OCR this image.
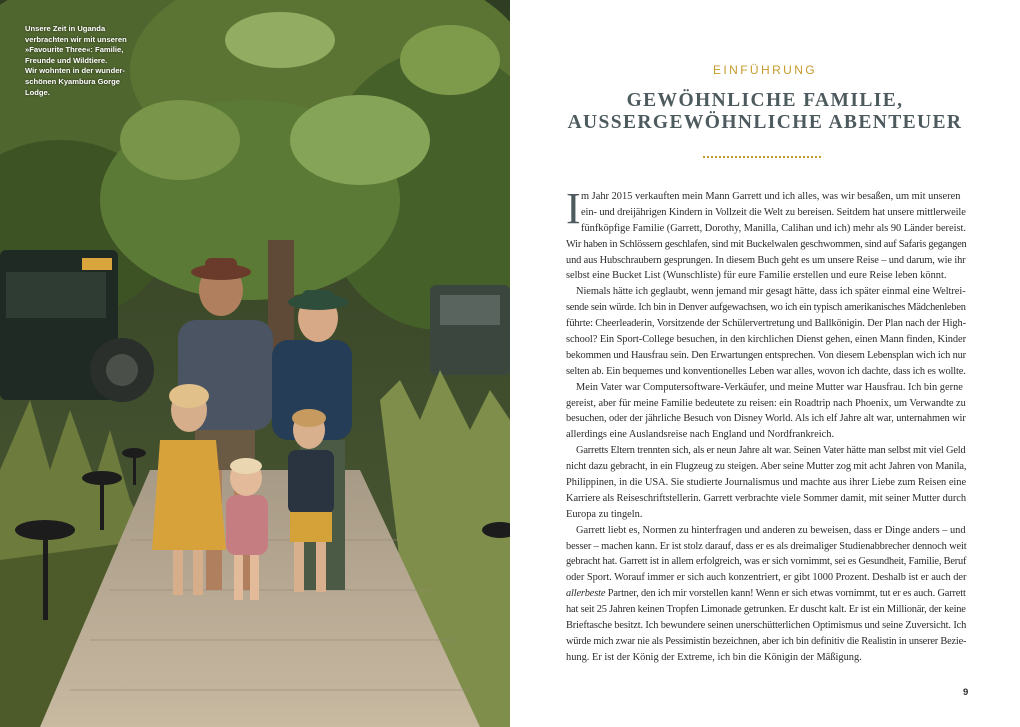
Unsere Zeit in Uganda
verbrachten wir mit unseren
»Favourite Three«: Familie,
Freunde und Wildtiere.
Wir wohnten in der wunder-
schönen Kyambura Gorge
Lodge.
EINFÜHRUNG
GEWÖHNLICHE FAMILIE,
AUSSERGEWÖHNLICHE ABENTEUER
I m Jahr 2015 verkauften mein Mann Garrett und ich alles, was wir besaßen, um mit unseren
ein- und dreijährigen Kindern in Vollzeit die Welt zu bereisen. Seitdem hat unsere mittlerweile
fünfköpfige Familie (Garrett, Dorothy, Manilla, Calihan und ich) mehr als 90 Länder bereist.
Wir haben in Schlössern geschlafen, sind mit Buckelwalen geschwommen, sind auf Safaris gegangen
und aus Hubschraubern gesprungen. In diesem Buch geht es um unsere Reise – und darum, wie ihr
selbst eine Bucket List (Wunschliste) für eure Familie erstellen und eure Reise leben könnt.
Niemals hätte ich geglaubt, wenn jemand mir gesagt hätte, dass ich später einmal eine Weltrei-
sende sein würde. Ich bin in Denver aufgewachsen, wo ich ein typisch amerikanisches Mädchenleben
führte: Cheerleaderin, Vorsitzende der Schülervertretung und Ballkönigin. Der Plan nach der High-
school? Ein Sport-College besuchen, in den kirchlichen Dienst gehen, einen Mann finden, Kinder
bekommen und Hausfrau sein. Den Erwartungen entsprechen. Von diesem Lebensplan wich ich nur
selten ab. Ein bequemes und konventionelles Leben war alles, wovon ich dachte, dass ich es wollte.
Mein Vater war Computersoftware-Verkäufer, und meine Mutter war Hausfrau. Ich bin gerne
gereist, aber für meine Familie bedeutete zu reisen: ein Roadtrip nach Phoenix, um Verwandte zu
besuchen, oder der jährliche Besuch von Disney World. Als ich elf Jahre alt war, unternahmen wir
allerdings eine Auslandsreise nach England und Nordfrankreich.
Garretts Eltern trennten sich, als er neun Jahre alt war. Seinen Vater hätte man selbst mit viel Geld
nicht dazu gebracht, in ein Flugzeug zu steigen. Aber seine Mutter zog mit acht Jahren von Manila,
Philippinen, in die USA. Sie studierte Journalismus und machte aus ihrer Liebe zum Reisen eine
Karriere als Reiseschriftstellerin. Garrett verbrachte viele Sommer damit, mit seiner Mutter durch
Europa zu tingeln.
Garrett liebt es, Normen zu hinterfragen und anderen zu beweisen, dass er Dinge anders – und
besser – machen kann. Er ist stolz darauf, dass er es als dreimaliger Studienabbrecher dennoch weit
gebracht hat. Garrett ist in allem erfolgreich, was er sich vornimmt, sei es Gesundheit, Familie, Beruf
oder Sport. Worauf immer er sich auch konzentriert, er gibt 1000 Prozent. Deshalb ist er auch der
allerbeste Partner, den ich mir vorstellen kann! Wenn er sich etwas vornimmt, tut er es auch. Garrett
hat seit 25 Jahren keinen Tropfen Limonade getrunken. Er duscht kalt. Er ist ein Millionär, der keine
Brieftasche besitzt. Ich bewundere seinen unerschütterlichen Optimismus und seine Zuversicht. Ich
würde mich zwar nie als Pessimistin bezeichnen, aber ich bin definitiv die Realistin in unserer Bezie-
hung. Er ist der König der Extreme, ich bin die Königin der Mäßigung.
9
